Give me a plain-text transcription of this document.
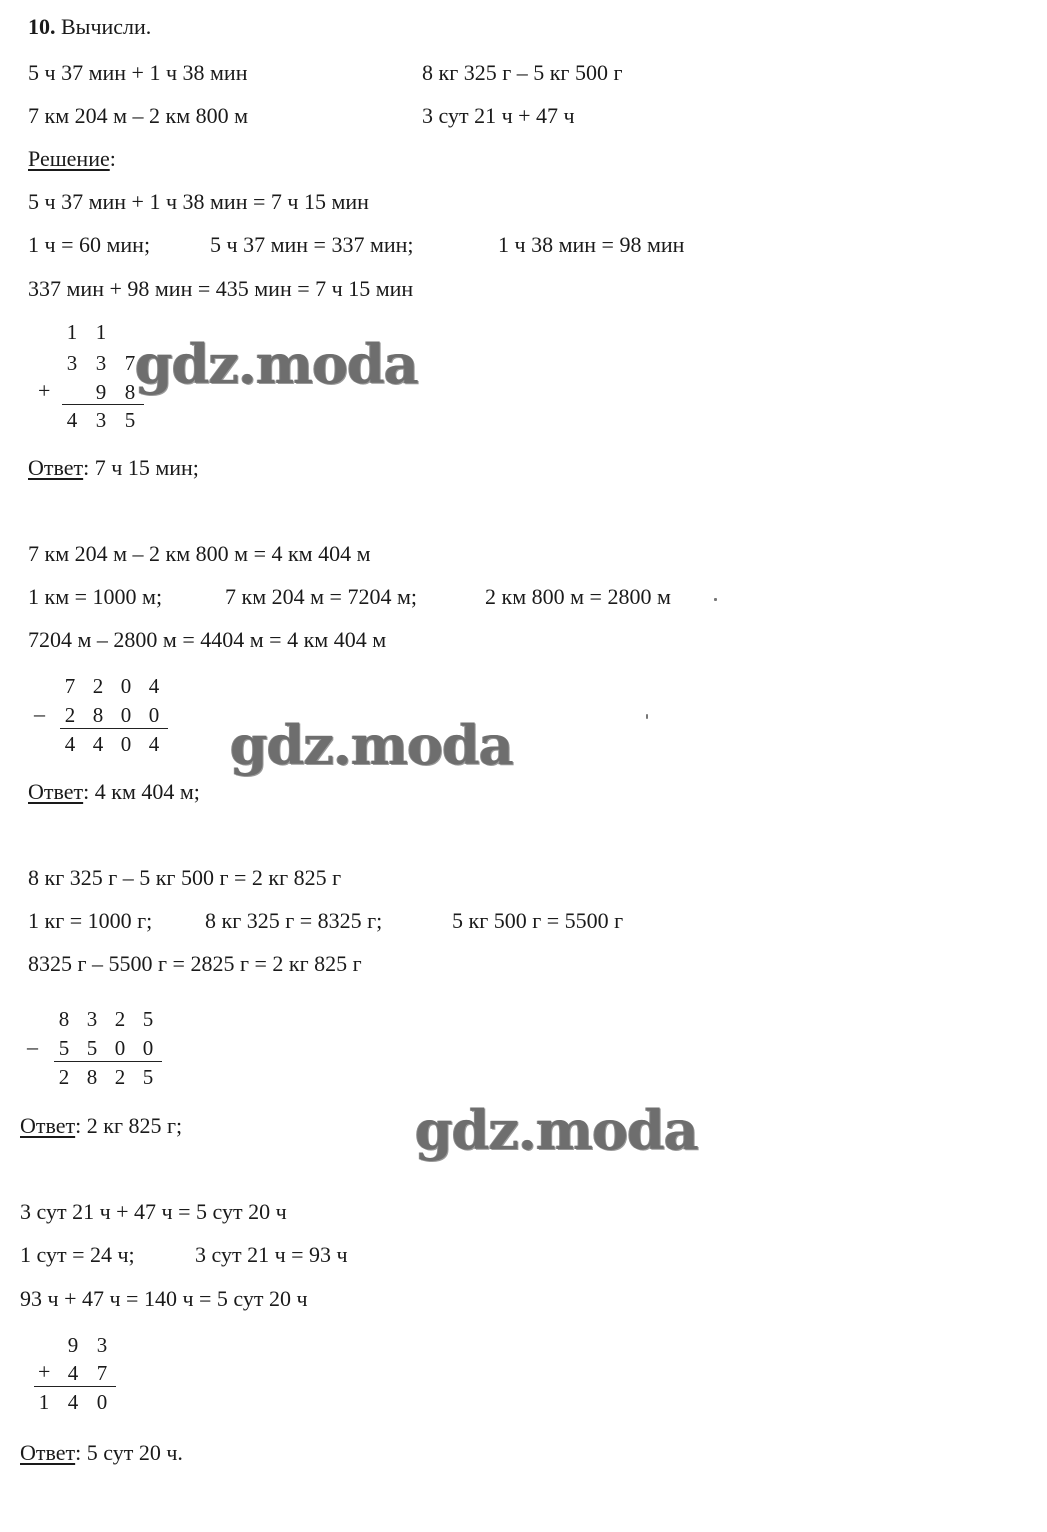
10. Вычисли.
5 ч 37 мин + 1 ч 38 мин	8 кг 325 г – 5 кг 500 г
7 км 204 м – 2 км 800 м	3 сут 21 ч + 47 ч
Решение:
5 ч 37 мин + 1 ч 38 мин = 7 ч 15 мин
1 ч = 60 мин;	5 ч 37 мин = 337 мин;	1 ч 38 мин = 98 мин
337 мин + 98 мин = 435 мин = 7 ч 15 мин
1 1
3 3 7
+ 9 8
4 3 5
gdz.moda
Ответ: 7 ч 15 мин;
7 км 204 м – 2 км 800 м = 4 км 404 м
1 км = 1000 м;	7 км 204 м = 7204 м;	2 км 800 м = 2800 м
7204 м – 2800 м = 4404 м = 4 км 404 м
7 2 0 4
– 2 8 0 0
4 4 0 4 gdz.moda
Ответ: 4 км 404 м;
8 кг 325 г – 5 кг 500 г = 2 кг 825 г
1 кг = 1000 г; 8 кг 325 г = 8325 г;	5 кг 500 г = 5500 г
8325 г – 5500 г = 2825 г = 2 кг 825 г
8 3 2 5
– 5 5 0 0
2 8 2 5
gdz.moda
Ответ: 2 кг 825 г;
3 сут 21 ч + 47 ч = 5 сут 20 ч
1 сут = 24 ч;	3 сут 21 ч = 93 ч
93 ч + 47 ч = 140 ч = 5 сут 20 ч
9 3
+ 4 7
1 4 0
Ответ: 5 сут 20 ч.
